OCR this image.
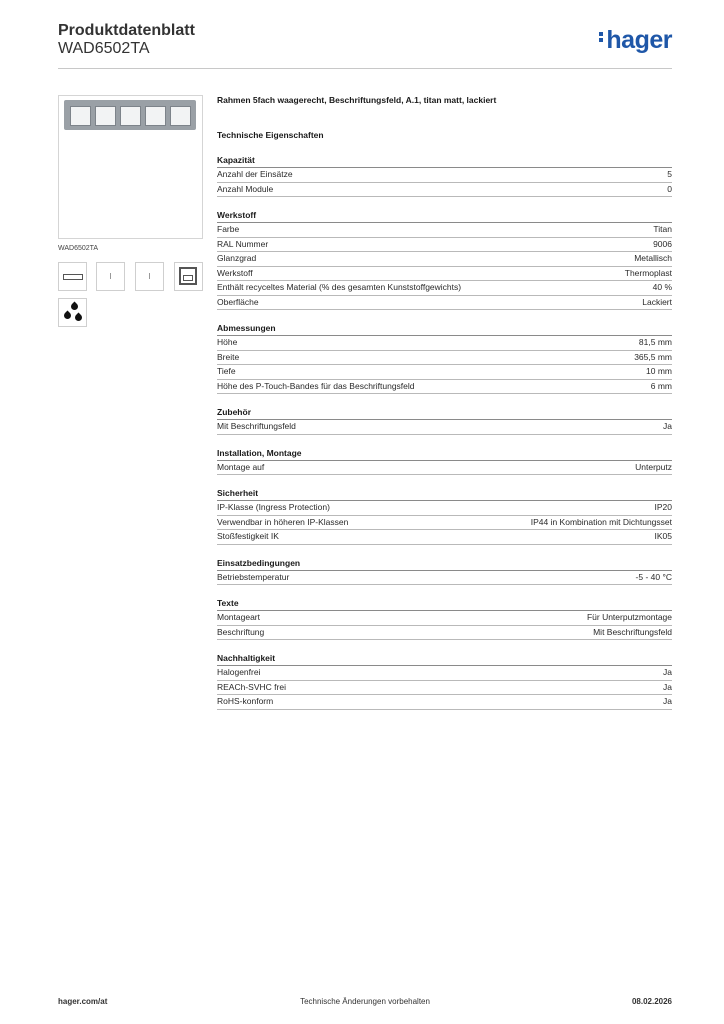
Produktdatenblatt
WAD6502TA	hager
WAD6502TA
Rahmen 5fach waagerecht, Beschriftungsfeld, A.1, titan matt, lackiert
Technische Eigenschaften
Kapazität
Anzahl der Einsätze	5
Anzahl Module	0
Werkstoff
Farbe	Titan
RAL Nummer	9006
Glanzgrad	Metallisch
Werkstoff	Thermoplast
Enthält recyceltes Material (% des gesamten Kunststoffgewichts)	40 %
Oberfläche	Lackiert
Abmessungen
Höhe	81,5 mm
Breite	365,5 mm
Tiefe	10 mm
Höhe des P-Touch-Bandes für das Beschriftungsfeld	6 mm
Zubehör
Mit Beschriftungsfeld	Ja
Installation, Montage
Montage auf	Unterputz
Sicherheit
IP-Klasse (Ingress Protection)	IP20
Verwendbar in höheren IP-Klassen	IP44 in Kombination mit Dichtungsset
Stoßfestigkeit IK	IK05
Einsatzbedingungen
Betriebstemperatur	-5 - 40 °C
Texte
Montageart	Für Unterputzmontage
Beschriftung	Mit Beschriftungsfeld
Nachhaltigkeit
Halogenfrei	Ja
REACh-SVHC frei	Ja
RoHS-konform	Ja
hager.com/at	Technische Änderungen vorbehalten	08.02.2026
